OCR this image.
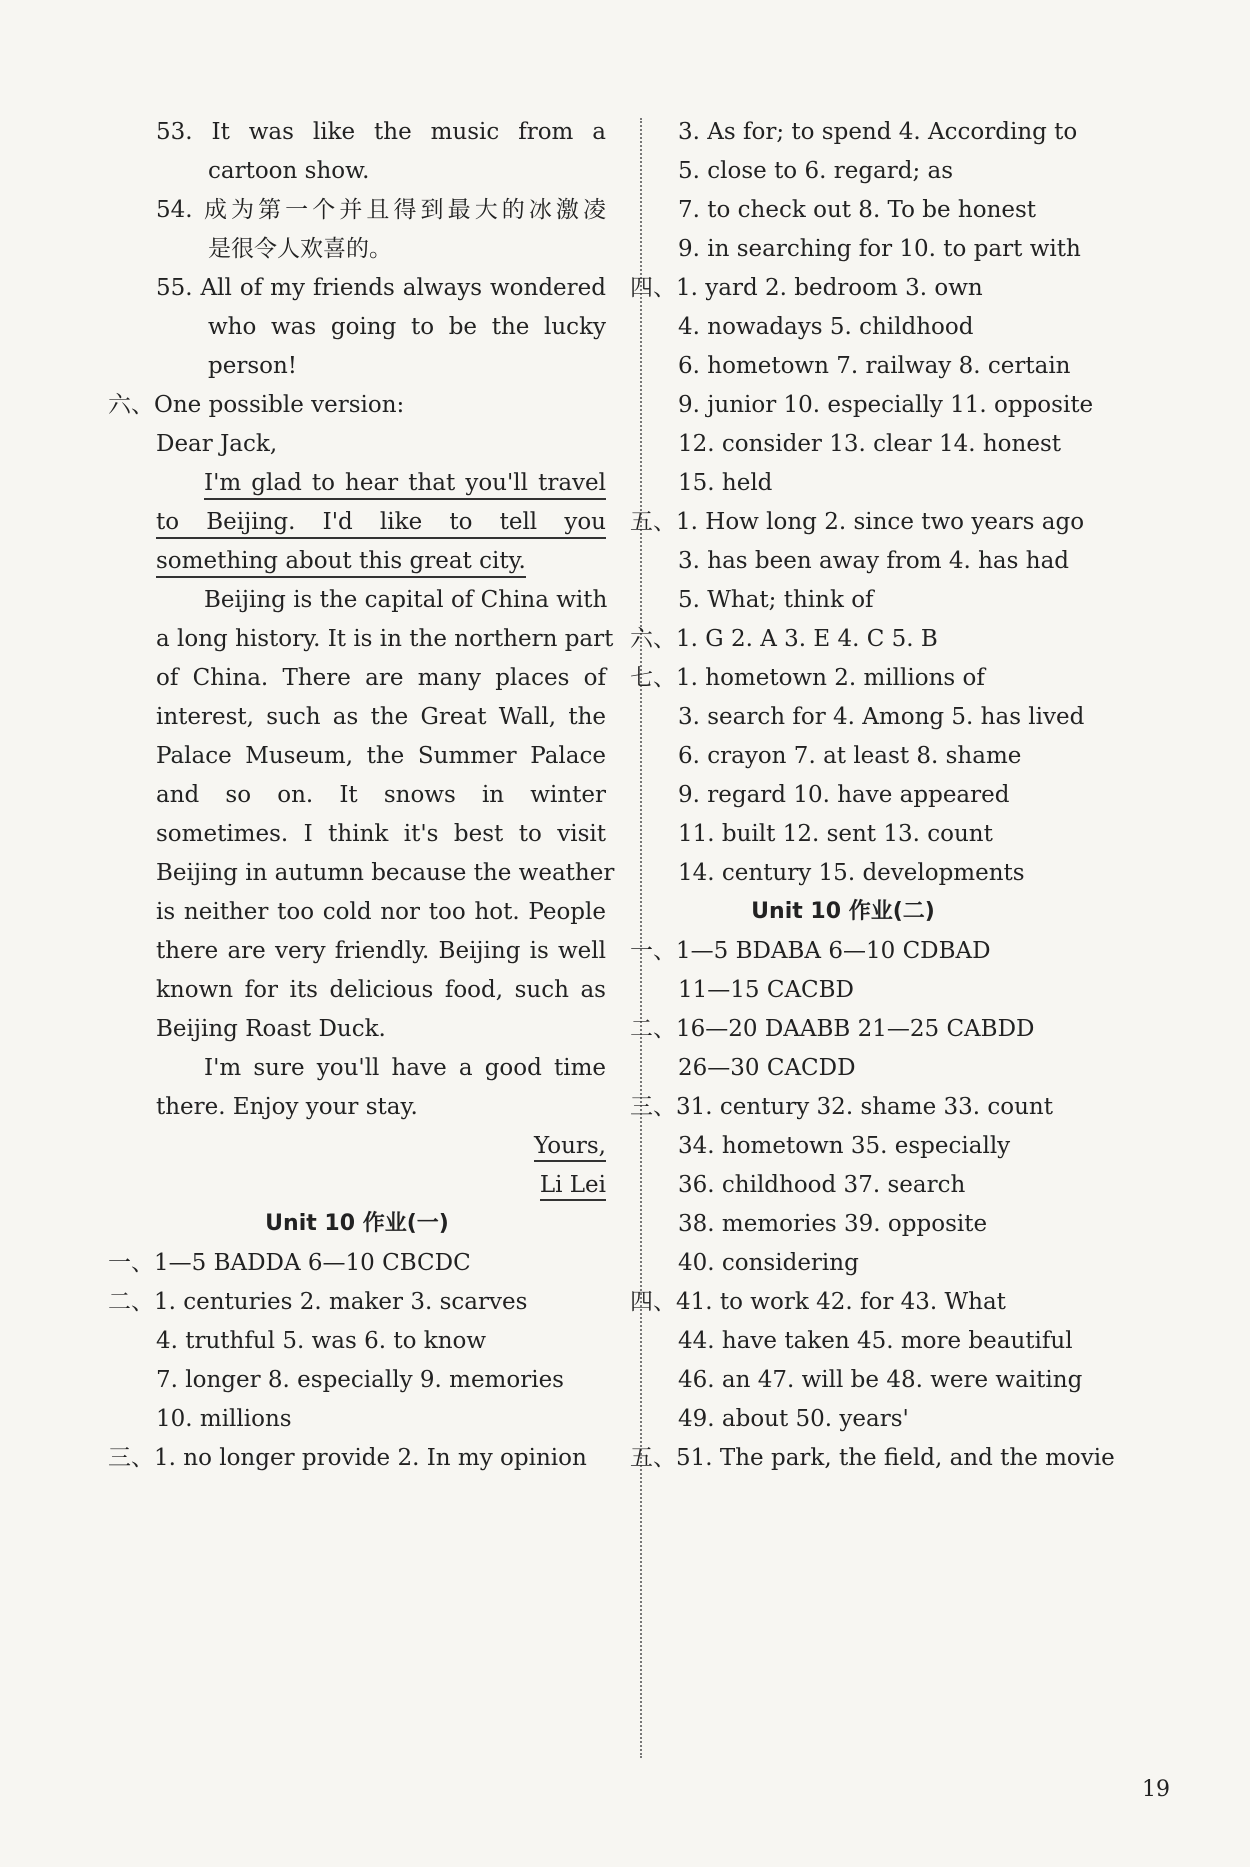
53. It was like the music from a
cartoon show.
54. 成为第一个并且得到最大的冰激凌
是很令人欢喜的。
55. All of my friends always wondered
who was going to be the lucky
person!
六、One possible version:
Dear Jack,
I'm glad to hear that you'll travel
to Beijing. I'd like to tell you
something about this great city.
Beijing is the capital of China with
a long history. It is in the northern part
of China. There are many places of
interest, such as the Great Wall, the
Palace Museum, the Summer Palace
and so on. It snows in winter
sometimes. I think it's best to visit
Beijing in autumn because the weather
is neither too cold nor too hot. People
there are very friendly. Beijing is well
known for its delicious food, such as
Beijing Roast Duck.
I'm sure you'll have a good time
there. Enjoy your stay.
Yours,
Li Lei
Unit 10 作业(一)
一、1—5 BADDA 6—10 CBCDC
二、1. centuries 2. maker 3. scarves
4. truthful 5. was 6. to know
7. longer 8. especially 9. memories
10. millions
三、1. no longer provide 2. In my opinion
3. As for; to spend 4. According to
5. close to 6. regard; as
7. to check out 8. To be honest
9. in searching for 10. to part with
四、1. yard 2. bedroom 3. own
4. nowadays 5. childhood
6. hometown 7. railway 8. certain
9. junior 10. especially 11. opposite
12. consider 13. clear 14. honest
15. held
五、1. How long 2. since two years ago
3. has been away from 4. has had
5. What; think of
六、1. G 2. A 3. E 4. C 5. B
七、1. hometown 2. millions of
3. search for 4. Among 5. has lived
6. crayon 7. at least 8. shame
9. regard 10. have appeared
11. built 12. sent 13. count
14. century 15. developments
Unit 10 作业(二)
一、1—5 BDABA 6—10 CDBAD
11—15 CACBD
二、16—20 DAABB 21—25 CABDD
26—30 CACDD
三、31. century 32. shame 33. count
34. hometown 35. especially
36. childhood 37. search
38. memories 39. opposite
40. considering
四、41. to work 42. for 43. What
44. have taken 45. more beautiful
46. an 47. will be 48. were waiting
49. about 50. years'
五、51. The park, the field, and the movie
19
